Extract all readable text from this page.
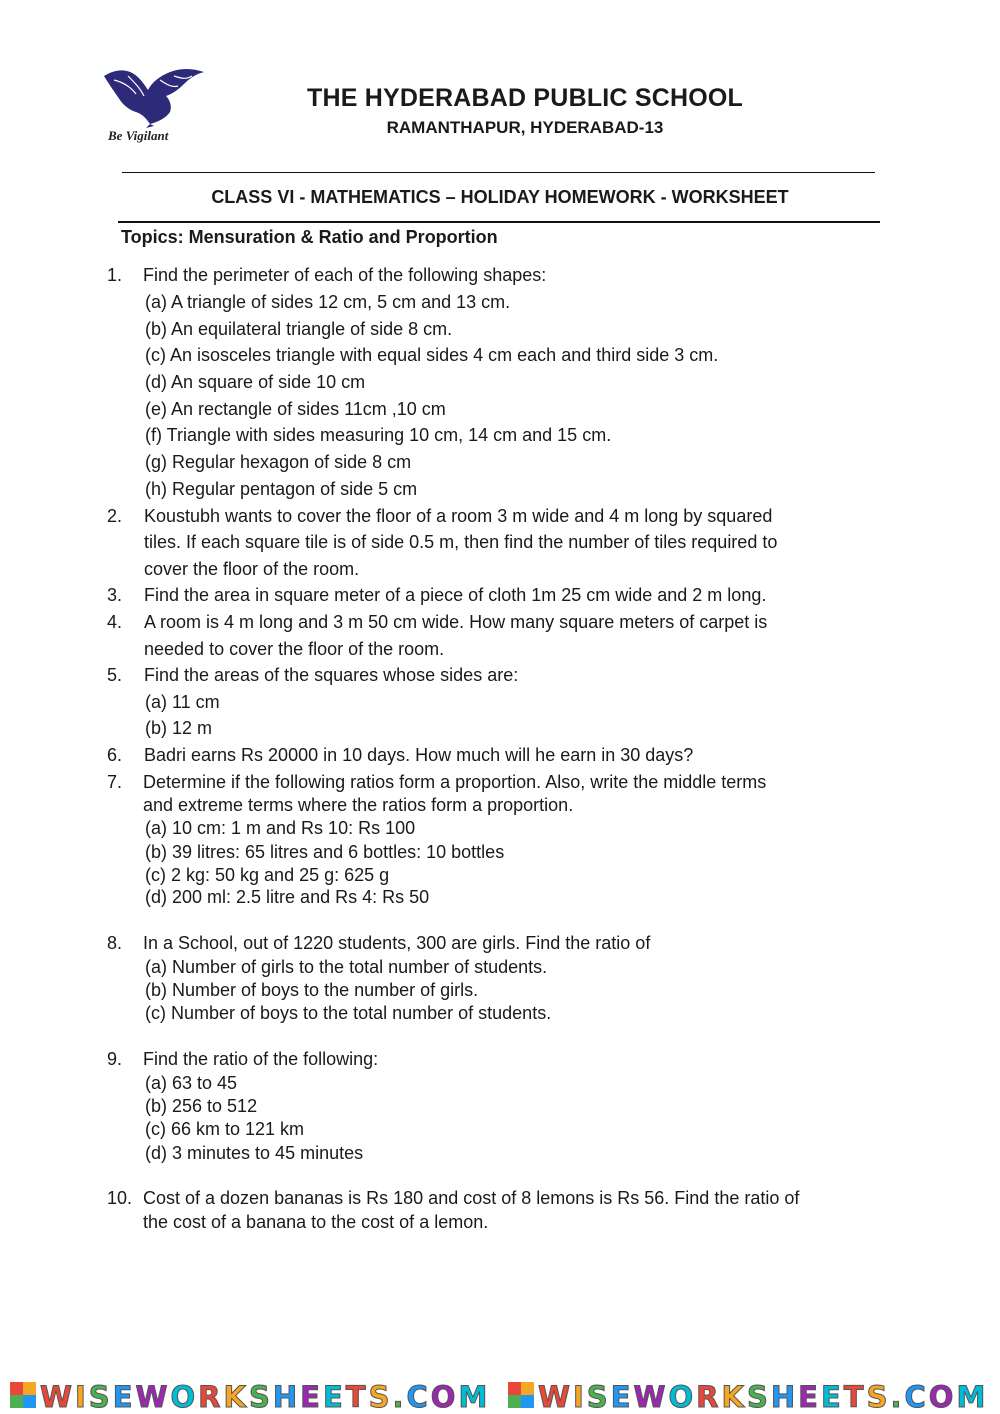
Be Vigilant
THE HYDERABAD PUBLIC SCHOOL
RAMANTHAPUR, HYDERABAD-13
CLASS VI - MATHEMATICS – HOLIDAY HOMEWORK - WORKSHEET
Topics: Mensuration & Ratio and Proportion
1. Find the perimeter of each of the following shapes:
(a) A triangle of sides 12 cm, 5 cm and 13 cm.
(b) An equilateral triangle of side 8 cm.
(c) An isosceles triangle with equal sides 4 cm each and third side 3 cm.
(d) An square of side 10 cm
(e) An rectangle of sides 11cm ,10 cm
(f) Triangle with sides measuring 10 cm, 14 cm and 15 cm.
(g) Regular hexagon of side 8 cm
(h) Regular pentagon of side 5 cm
2. Koustubh wants to cover the floor of a room 3 m wide and 4 m long by squared
tiles. If each square tile is of side 0.5 m, then find the number of tiles required to
cover the floor of the room.
3. Find the area in square meter of a piece of cloth 1m 25 cm wide and 2 m long.
4. A room is 4 m long and 3 m 50 cm wide. How many square meters of carpet is
needed to cover the floor of the room.
5. Find the areas of the squares whose sides are:
(a) 11 cm
(b) 12 m
6. Badri earns Rs 20000 in 10 days. How much will he earn in 30 days?
7. Determine if the following ratios form a proportion. Also, write the middle terms
and extreme terms where the ratios form a proportion.
(a) 10 cm: 1 m and Rs 10: Rs 100
(b) 39 litres: 65 litres and 6 bottles: 10 bottles
(c) 2 kg: 50 kg and 25 g: 625 g
(d) 200 ml: 2.5 litre and Rs 4: Rs 50
8. In a School, out of 1220 students, 300 are girls. Find the ratio of
(a) Number of girls to the total number of students.
(b) Number of boys to the number of girls.
(c) Number of boys to the total number of students.
9. Find the ratio of the following:
(a) 63 to 45
(b) 256 to 512
(c) 66 km to 121 km
(d) 3 minutes to 45 minutes
10. Cost of a dozen bananas is Rs 180 and cost of 8 lemons is Rs 56. Find the ratio of
the cost of a banana to the cost of a lemon.
WISEWORKSHEETS.COM WISEWORKSHEETS.COM
